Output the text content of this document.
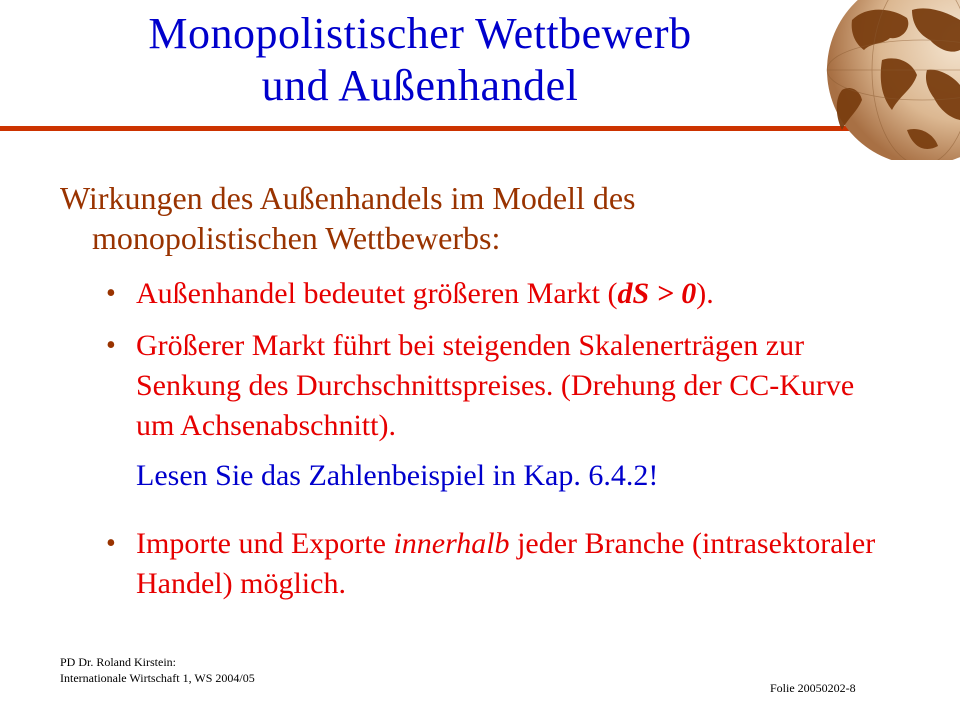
Monopolistischer Wettbewerb
und Außenhandel
Wirkungen des Außenhandels im Modell des
monopolistischen Wettbewerbs:
• Außenhandel bedeutet größeren Markt (dS > 0).
• Größerer Markt führt bei steigenden Skalenerträgen zur Senkung des Durchschnittspreises. (Drehung der CC-Kurve um Achsenabschnitt).
• Importe und Exporte innerhalb jeder Branche (intrasektoraler Handel) möglich.
Lesen Sie das Zahlenbeispiel in Kap. 6.4.2!
PD Dr. Roland Kirstein:
Internationale Wirtschaft 1, WS 2004/05
Folie 20050202-8
